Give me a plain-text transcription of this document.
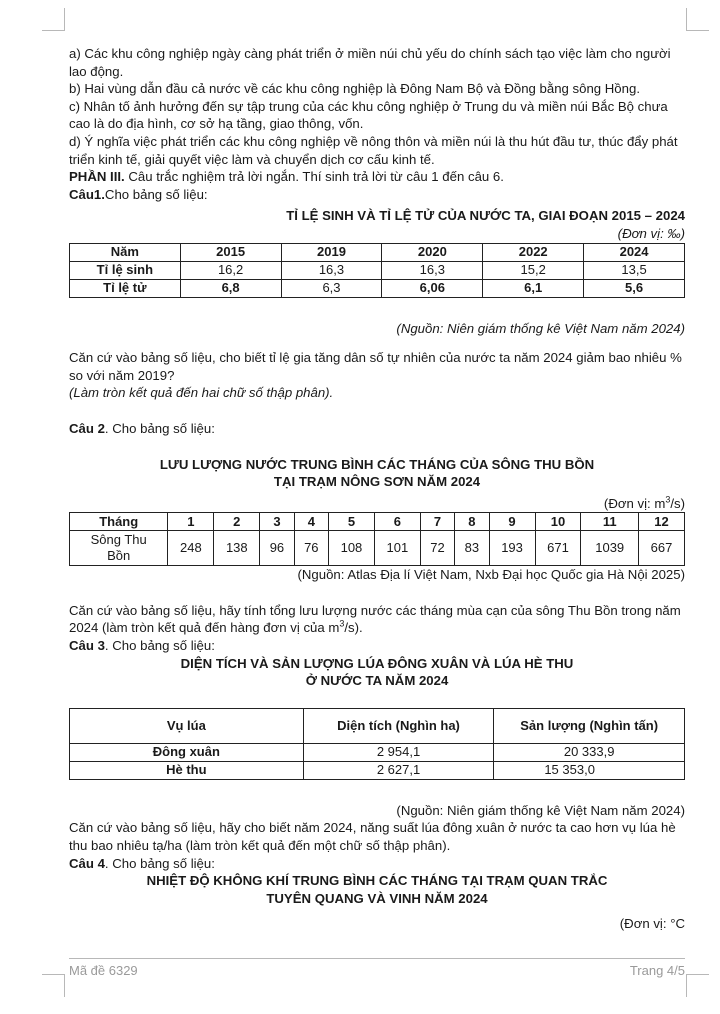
a) Các khu công nghiệp ngày càng phát triển ở miền núi chủ yếu do chính sách tạo việc làm cho người lao động.

b) Hai vùng dẫn đầu cả nước về các khu công nghiệp là Đông Nam Bộ và Đồng bằng sông Hồng.

c) Nhân tố ảnh hưởng đến sự tập trung của các khu công nghiệp ở Trung du và miền núi Bắc Bộ chưa cao là do địa hình, cơ sở hạ tầng, giao thông, vốn.

d) Ý nghĩa việc phát triển các khu công nghiệp về nông thôn và miền núi là thu hút đầu tư, thúc đẩy phát triển kinh tế, giải quyết việc làm và chuyển dịch cơ cấu kinh tế.

PHẦN III. Câu trắc nghiệm trả lời ngắn. Thí sinh trả lời từ câu 1 đến câu 6.

Câu1.Cho bảng số liệu:

TỈ LỆ SINH VÀ TỈ LỆ TỬ CỦA NƯỚC TA, GIAI ĐOẠN 2015 – 2024

(Đơn vị: ‰)

Năm	2015	2019	2020	2022	2024
Tỉ lệ sinh	16,2	16,3	16,3	15,2	13,5
Tỉ lệ tử	6,8	6,3	6,06	6,1	5,6

(Nguồn: Niên giám thống kê Việt Nam năm 2024)

Căn cứ vào bảng số liệu, cho biết tỉ lệ gia tăng dân số tự nhiên của nước ta năm 2024 giảm bao nhiêu % so với năm 2019?

(Làm tròn kết quả đến hai chữ số thập phân).

Câu 2. Cho bảng số liệu:

LƯU LƯỢNG NƯỚC TRUNG BÌNH CÁC THÁNG CỦA SÔNG THU BỒN

TẠI TRẠM NÔNG SƠN NĂM 2024

(Đơn vị: $m^3/s$)

Tháng	1	2	3	4	5	6	7	8	9	10	11	12
Sông Thu
Bồn	248	138	96	76	108	101	72	83	193	671	1039	667

(Nguồn: Atlas Địa lí Việt Nam, Nxb Đại học Quốc gia Hà Nội 2025)

Căn cứ vào bảng số liệu, hãy tính tổng lưu lượng nước các tháng mùa cạn của sông Thu Bồn trong năm 2024 (làm tròn kết quả đến hàng đơn vị của $m^3/s$).

Câu 3. Cho bảng số liệu:

DIỆN TÍCH VÀ SẢN LƯỢNG LÚA ĐÔNG XUÂN VÀ LÚA HÈ THU

Ở NƯỚC TA NĂM 2024

Vụ lúa	Diện tích (Nghìn ha)	Sản lượng (Nghìn tấn)
Đông xuân	2 954,1	20 333,9
Hè thu	2 627,1	15 353,0

(Nguồn: Niên giám thống kê Việt Nam năm 2024)

Căn cứ vào bảng số liệu, hãy cho biết năm 2024, năng suất lúa đông xuân ở nước ta cao hơn vụ lúa hè thu bao nhiêu tạ/ha (làm tròn kết quả đến một chữ số thập phân).

Câu 4. Cho bảng số liệu:

NHIỆT ĐỘ KHÔNG KHÍ TRUNG BÌNH CÁC THÁNG TẠI TRẠM QUAN TRẮC

TUYÊN QUANG VÀ VINH NĂM 2024

(Đơn vị: °C

Mã đề 6329	Trang 4/5
